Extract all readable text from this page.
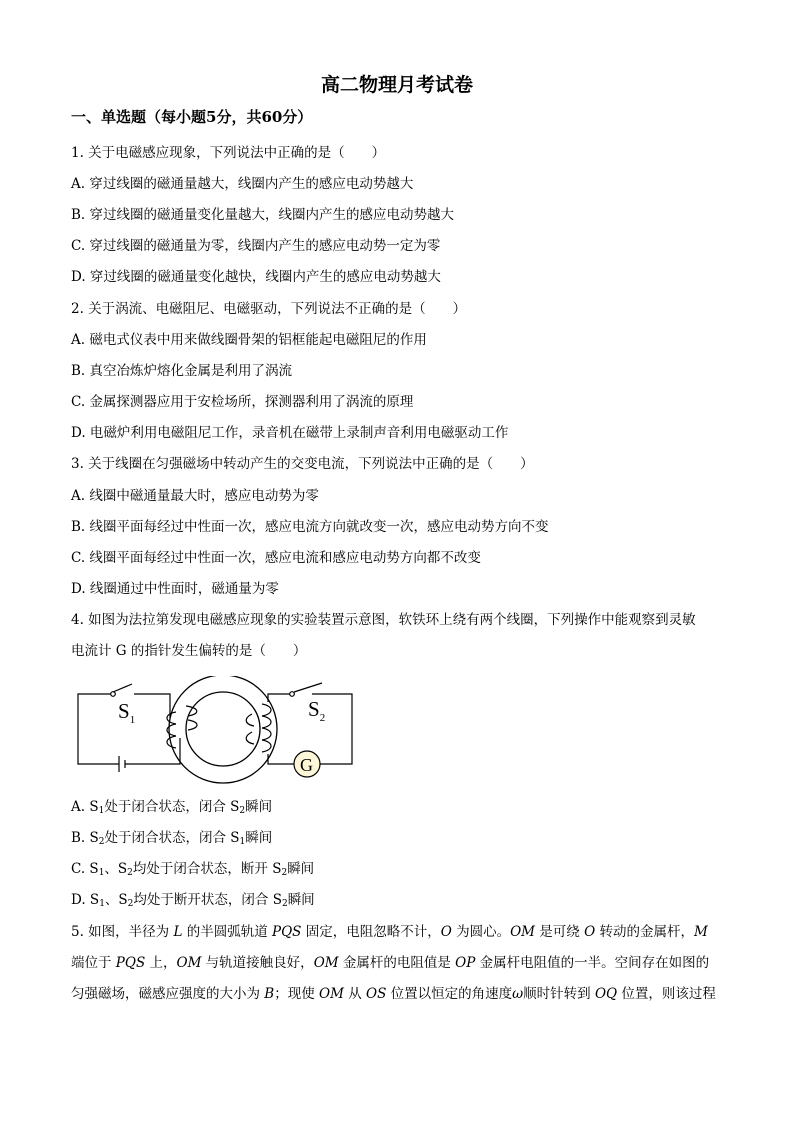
高二物理月考试卷
一、单选题（每小题5分，共60分）
1. 关于电磁感应现象，下列说法中正确的是（　　）
A. 穿过线圈的磁通量越大，线圈内产生的感应电动势越大
B. 穿过线圈的磁通量变化量越大，线圈内产生的感应电动势越大
C. 穿过线圈的磁通量为零，线圈内产生的感应电动势一定为零
D. 穿过线圈的磁通量变化越快，线圈内产生的感应电动势越大
2. 关于涡流、电磁阻尼、电磁驱动，下列说法不正确的是（　　）
A. 磁电式仪表中用来做线圈骨架的铝框能起电磁阻尼的作用
B. 真空冶炼炉熔化金属是利用了涡流
C. 金属探测器应用于安检场所，探测器利用了涡流的原理
D. 电磁炉利用电磁阻尼工作，录音机在磁带上录制声音利用电磁驱动工作
3. 关于线圈在匀强磁场中转动产生的交变电流，下列说法中正确的是（　　）
A. 线圈中磁通量最大时，感应电动势为零
B. 线圈平面每经过中性面一次，感应电流方向就改变一次，感应电动势方向不变
C. 线圈平面每经过中性面一次，感应电流和感应电动势方向都不改变
D. 线圈通过中性面时，磁通量为零
4. 如图为法拉第发现电磁感应现象的实验装置示意图，软铁环上绕有两个线圈，下列操作中能观察到灵敏
电流计 G 的指针发生偏转的是（　　）
$S_1$	$S_2$
G
A. $S_1$处于闭合状态，闭合 $S_2$瞬间
B. $S_2$处于闭合状态，闭合 $S_1$瞬间
C. $S_1$、$S_2$均处于闭合状态，断开 $S_2$瞬间
D. $S_1$、$S_2$均处于断开状态，闭合 $S_2$瞬间
5. 如图，半径为 L 的半圆弧轨道 PQS 固定，电阻忽略不计，O 为圆心。OM 是可绕 O 转动的金属杆，M
端位于 PQS 上，OM 与轨道接触良好，OM 金属杆的电阻值是 OP 金属杆电阻值的一半。空间存在如图的
匀强磁场，磁感应强度的大小为 B；现使 OM 从 OS 位置以恒定的角速度ω顺时针转到 OQ 位置，则该过程
